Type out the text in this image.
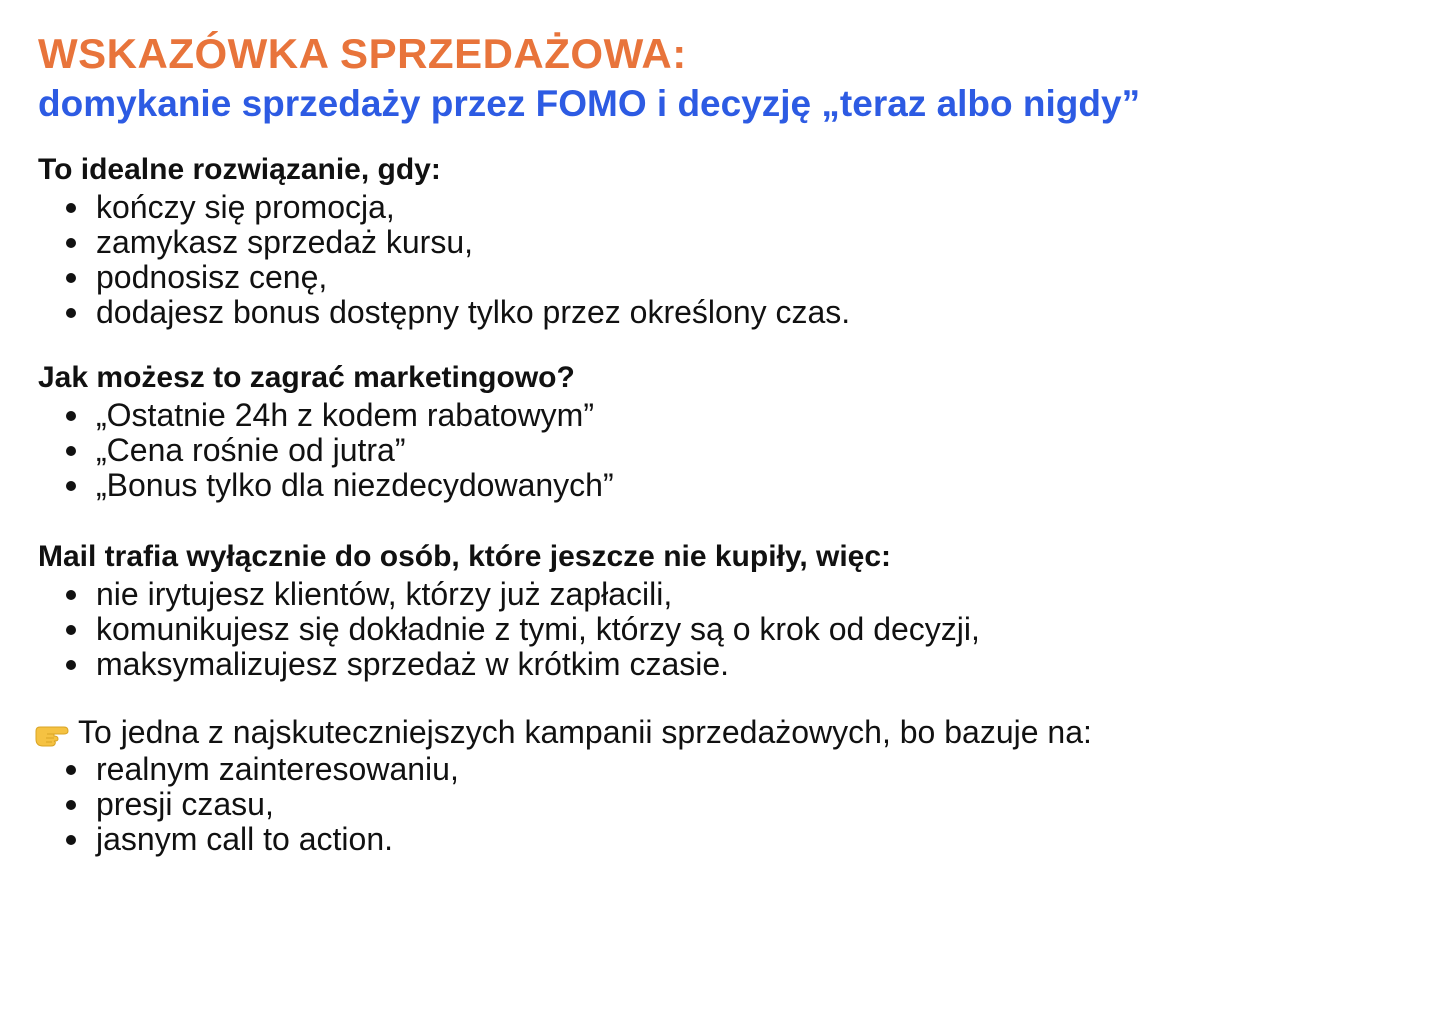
WSKAZÓWKA SPRZEDAŻOWA:
domykanie sprzedaży przez FOMO i decyzję „teraz albo nigdy”
To idealne rozwiązanie, gdy:
kończy się promocja,
zamykasz sprzedaż kursu,
podnosisz cenę,
dodajesz bonus dostępny tylko przez określony czas.
Jak możesz to zagrać marketingowo?
„Ostatnie 24h z kodem rabatowym”
„Cena rośnie od jutra”
„Bonus tylko dla niezdecydowanych”
Mail trafia wyłącznie do osób, które jeszcze nie kupiły, więc:
nie irytujesz klientów, którzy już zapłacili,
komunikujesz się dokładnie z tymi, którzy są o krok od decyzji,
maksymalizujesz sprzedaż w krótkim czasie.
To jedna z najskuteczniejszych kampanii sprzedażowych, bo bazuje na:
realnym zainteresowaniu,
presji czasu,
jasnym call to action.
